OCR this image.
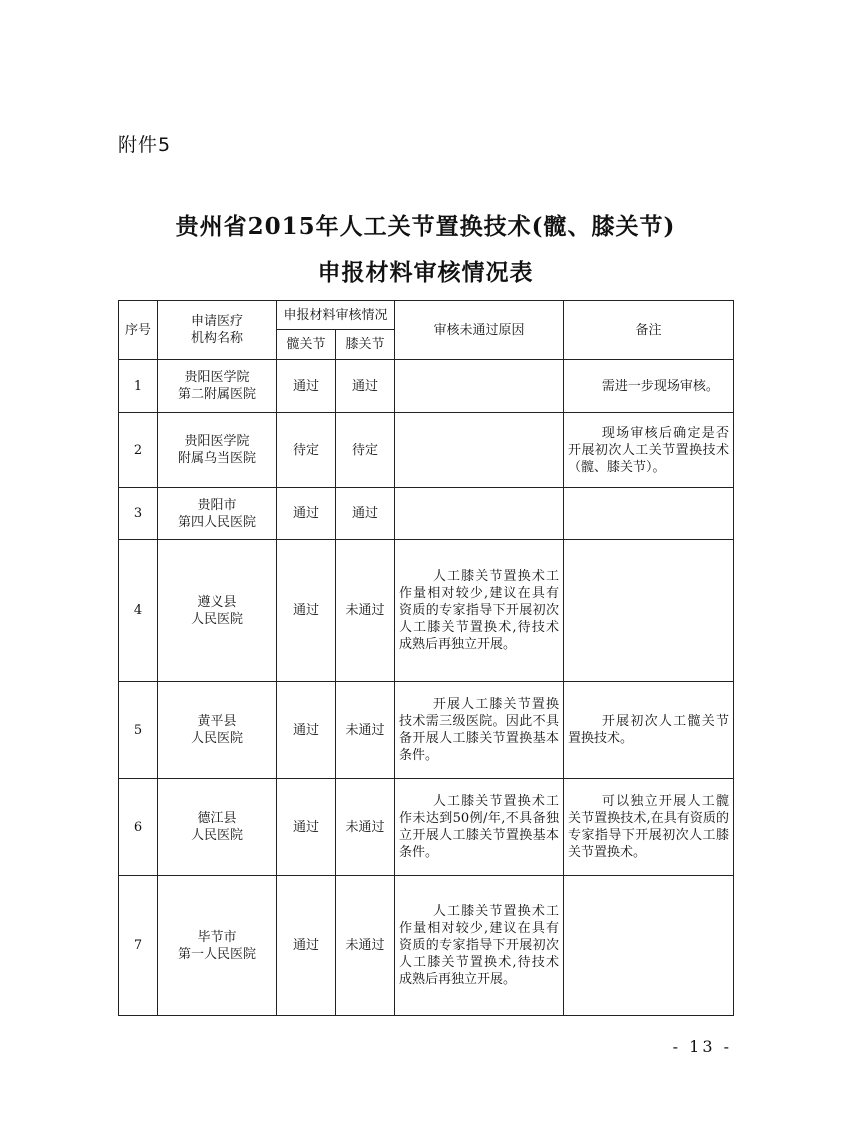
附件5
贵州省2015年人工关节置换技术(髋、膝关节)
申报材料审核情况表
序号	申请医疗
机构名称	申报材料审核情况		审核未通过原因	备注
		髋关节	膝关节		
1	贵阳医学院
第二附属医院	通过	通过		需进一步现场审核。
2	贵阳医学院
附属乌当医院	待定	待定		现场审核后确定是否开展初次人工关节置换技术（髋、膝关节）。
3	贵阳市
第四人民医院	通过	通过		
4	遵义县
人民医院	通过	未通过	人工膝关节置换术工作量相对较少,建议在具有资质的专家指导下开展初次人工膝关节置换术,待技术成熟后再独立开展。	
5	黄平县
人民医院	通过	未通过	开展人工膝关节置换技术需三级医院。因此不具备开展人工膝关节置换基本条件。	开展初次人工髋关节置换技术。
6	德江县
人民医院	通过	未通过	人工膝关节置换术工作未达到50例/年,不具备独立开展人工膝关节置换基本条件。	可以独立开展人工髋关节置换技术,在具有资质的专家指导下开展初次人工膝关节置换术。
7	毕节市
第一人民医院	通过	未通过	人工膝关节置换术工作量相对较少,建议在具有资质的专家指导下开展初次人工膝关节置换术,待技术成熟后再独立开展。	
- 13 -
